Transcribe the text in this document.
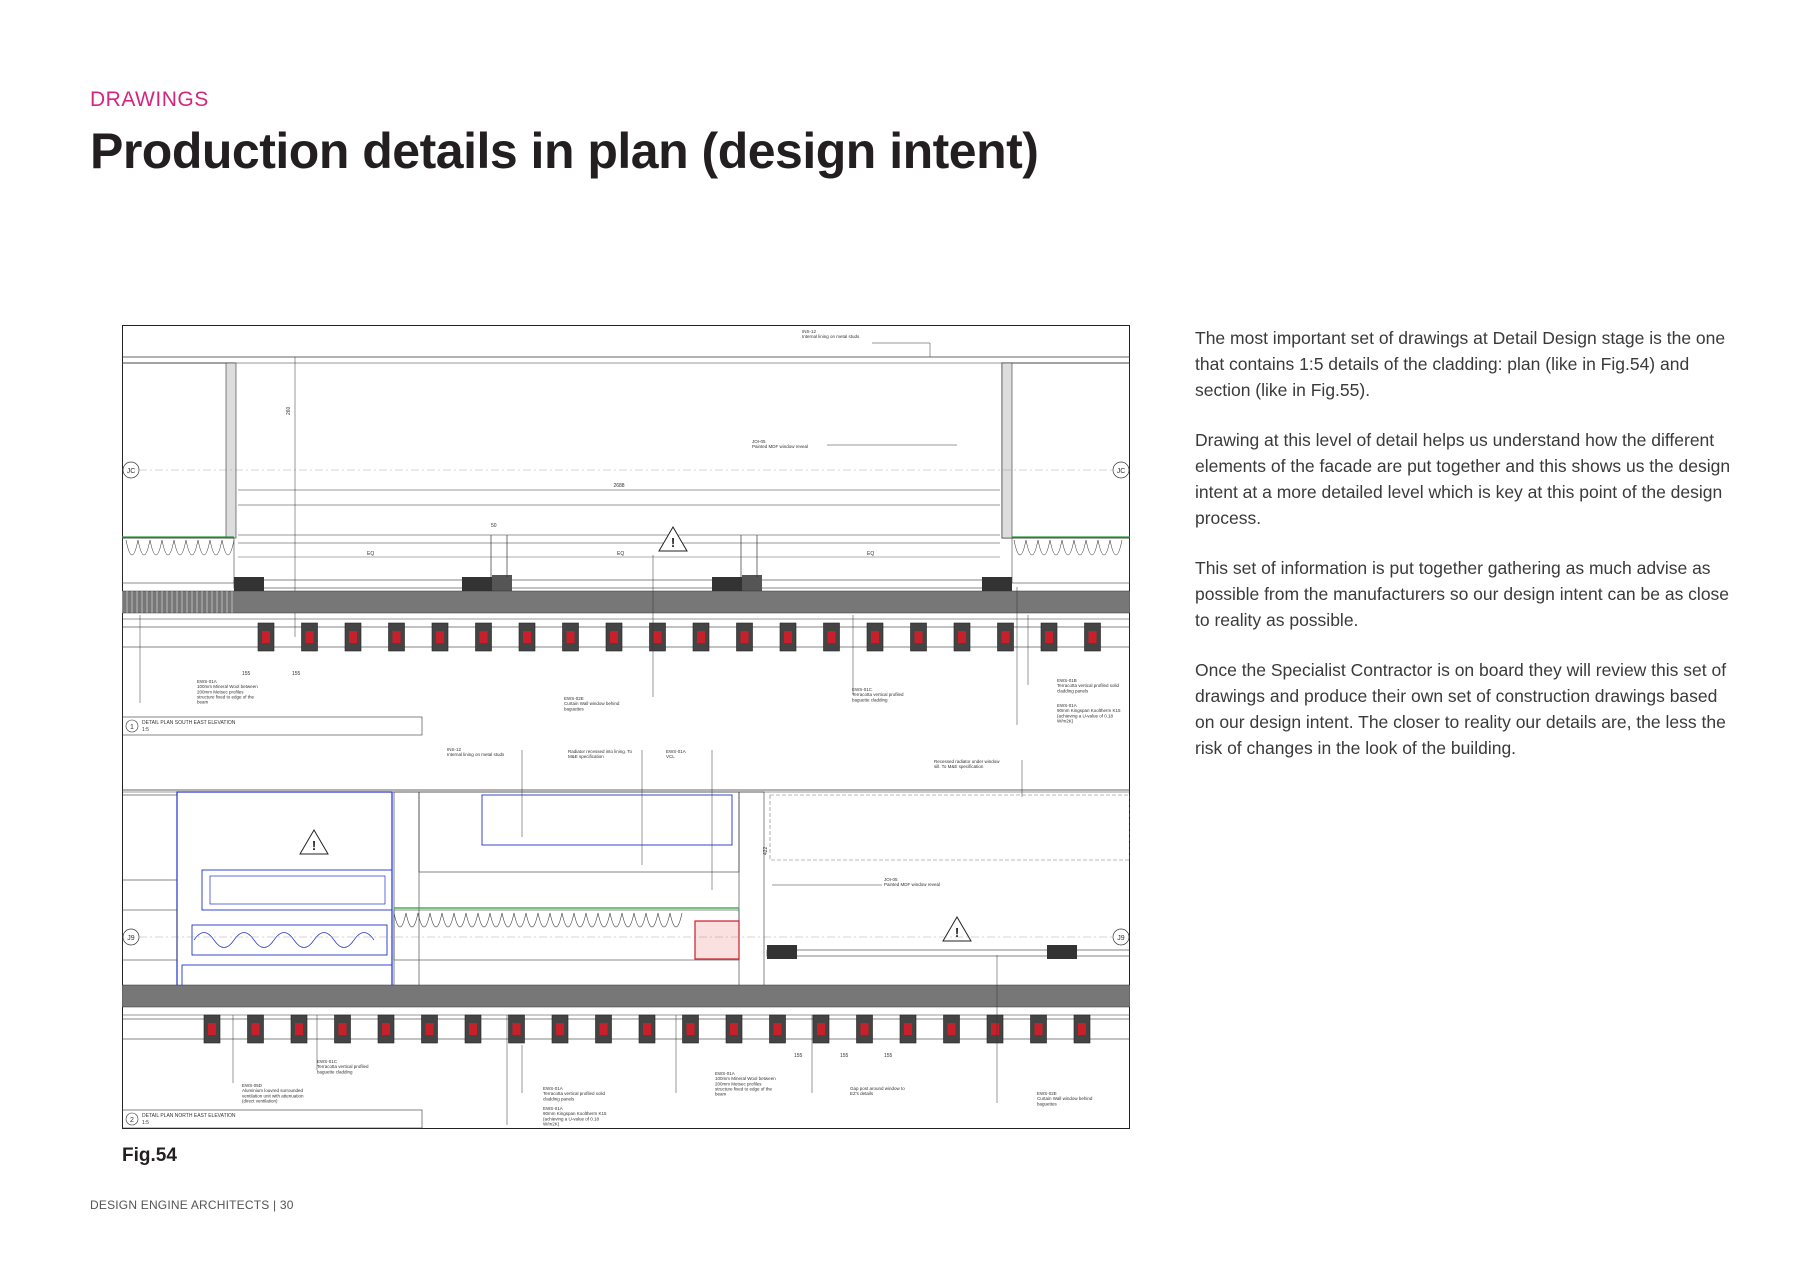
DRAWINGS
Production details in plan (design intent)
2688
260
EQ	EQ	EQ
50
JC	JC
!
INS-12 Internal lining on metal studs
JOI-05 Painted MDF window reveal
EWS-01A 100mm Mineral Wool between 200mm Metsec profiles structure fixed to edge of the beam
EWS-02E Curtain Wall window behind baguettes
EWS-01C Terracotta vertical profiled baguette cladding
EWS-01B Terracotta vertical profiled solid cladding panels
EWS-01A 90mm Kingspan Kooltherm K15 (achieving a U-value of 0.18 W/m2K)
155	155
1
DETAIL PLAN SOUTH EAST ELEVATION
1:5
INS-12 Internal lining on metal studs
Radiator recessed into lining. To M&E specification
EWS-01A VCL
Recessed radiator under window sill. To M&E specification
!	422
JOI-05 Painted MDF window reveal
!
J9	J9
155	155	155
EWS-05D Aluminium louvred surrounded ventilation unit with attenuation (direct ventilation)
EWS-01C Terracotta vertical profiled baguette cladding
EWS-01A Terracotta vertical profiled solid cladding panels
EWS-01A 90mm Kingspan Kooltherm K15 (achieving a U-value of 0.18 W/m2K)
EWS-01A 100mm Mineral Wool between 200mm Metsec profiles structure fixed to edge of the beam
Gap post around window to EZ's details	EWS-02E Curtain Wall window behind baguettes
2
DETAIL PLAN NORTH EAST ELEVATION
1:5

The most important set of drawings at Detail Design stage is the one that contains 1:5 details of the cladding: plan (like in Fig.54) and section (like in Fig.55).

Drawing at this level of detail helps us understand how the different elements of the facade are put together and this shows us the design intent at a more detailed level which is key at this point of the design process.

This set of information is put together gathering as much advise as possible from the manufacturers so our design intent can be as close to reality as possible.

Once the Specialist Contractor is on board they will review this set of drawings and produce their own set of construction drawings based on our design intent. The closer to reality our details are, the less the risk of changes in the look of the building.

Fig.54
DESIGN ENGINE ARCHITECTS | 30
